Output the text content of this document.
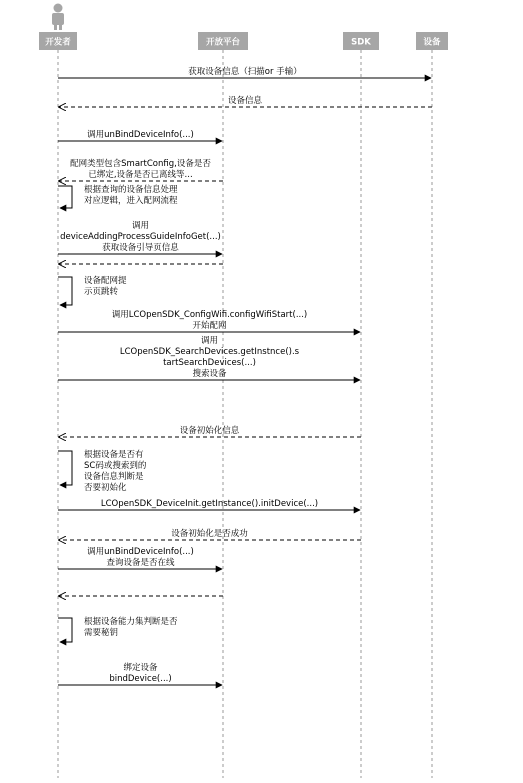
开发者	开放平台	SDK	设备
获取设备信息（扫描or 手输）
设备信息
调用unBindDeviceInfo(...)
配网类型包含SmartConfig,设备是否
已绑定,设备是否已离线等...
根据查询的设备信息处理
对应逻辑，进入配网流程
调用
deviceAddingProcessGuideInfoGet(...)
获取设备引导页信息
设备配网提
示页跳转
调用LCOpenSDK_ConfigWifi.configWifiStart(...)
开始配网
调用
LCOpenSDK_SearchDevices.getInstnce().s
tartSearchDevices(...)
搜索设备
设备初始化信息
根据设备是否有
SC码或搜索到的
设备信息判断是
否要初始化
LCOpenSDK_DeviceInit.getInstance().initDevice(...)
设备初始化是否成功
调用unBindDeviceInfo(...)
查询设备是否在线
根据设备能力集判断是否
需要秘钥
绑定设备
bindDevice(...)
